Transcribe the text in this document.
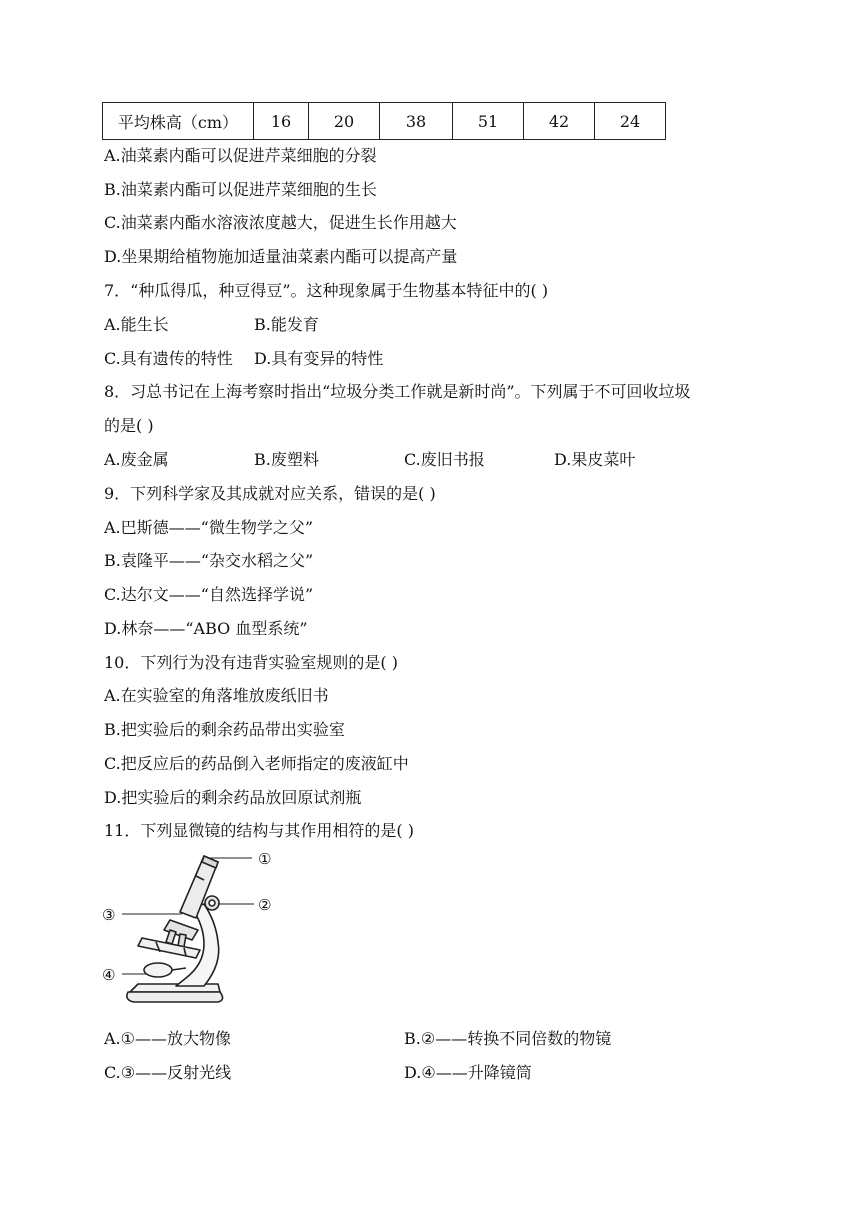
平均株高（cm）	16	20	38	51	42	24
A.油菜素内酯可以促进芹菜细胞的分裂
B.油菜素内酯可以促进芹菜细胞的生长
C.油菜素内酯水溶液浓度越大，促进生长作用越大
D.坐果期给植物施加适量油菜素内酯可以提高产量
7．“种瓜得瓜，种豆得豆”。这种现象属于生物基本特征中的( )
A.能生长	B.能发育
C.具有遗传的特性 D.具有变异的特性
8．习总书记在上海考察时指出“垃圾分类工作就是新时尚”。下列属于不可回收垃圾
的是( )
A.废金属	B.废塑料	C.废旧书报	D.果皮菜叶
9．下列科学家及其成就对应关系，错误的是( )
A.巴斯德——“微生物学之父”
B.袁隆平——“杂交水稻之父”
C.达尔文——“自然选择学说”
D.林奈——“ABO 血型系统”
10．下列行为没有违背实验室规则的是( )
A.在实验室的角落堆放废纸旧书
B.把实验后的剩余药品带出实验室
C.把反应后的药品倒入老师指定的废液缸中
D.把实验后的剩余药品放回原试剂瓶
11．下列显微镜的结构与其作用相符的是( )
①
②
③
④
A.①——放大物像	B.②——转换不同倍数的物镜
C.③——反射光线	D.④——升降镜筒
